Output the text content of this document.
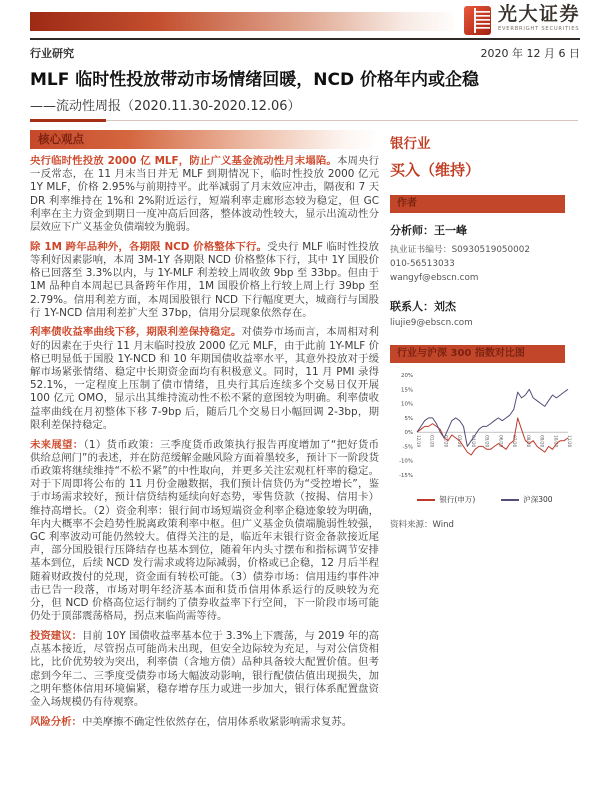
光大证券
EVERBRIGHT SECURITIES
行业研究	2020 年 12 月 6 日
MLF 临时性投放带动市场情绪回暖，NCD 价格年内或企稳
——流动性周报（2020.11.30-2020.12.06）
核心观点

央行临时性投放 2000 亿 MLF，防止广义基金流动性月末塌陷。本周央行一反常态，在 11 月末当日并无 MLF 到期情况下，临时性投放 2000 亿元 1Y MLF，价格 2.95%与前期持平。此举减弱了月末效应冲击，隔夜和 7 天 DR 利率维持在 1%和 2%附近运行，短端利率走廊形态较为稳定，但 GC 利率在主力资金到期日一度冲高后回落，整体波动性较大，显示出流动性分层效应下广义基金负债端较为脆弱。

除 1M 跨年品种外，各期限 NCD 价格整体下行。受央行 MLF 临时性投放等利好因素影响，本周 3M-1Y 各期限 NCD 价格整体下行，其中 1Y 国股价格已回落至 3.3%以内，与 1Y-MLF 利差较上周收敛 9bp 至 33bp。但由于 1M 品种自本周起已具备跨年作用，1M 国股价格上行较上周上行 39bp 至 2.79%。信用利差方面，本周国股银行 NCD 下行幅度更大，城商行与国股行 1Y-NCD 信用利差扩大至 37bp，信用分层现象依然存在。

利率债收益率曲线下移，期限利差保持稳定。对债券市场而言，本周相对利好的因素在于央行 11 月末临时投放 2000 亿元 MLF，由于此前 1Y-MLF 价格已明显低于国股 1Y-NCD 和 10 年期国债收益率水平，其意外投放对于缓解市场紧张情绪、稳定中长期资金面均有积极意义。同时，11 月 PMI 录得 52.1%，一定程度上压制了债市情绪，且央行其后连续多个交易日仅开展 100 亿元 OMO，显示出其维持流动性不松不紧的意图较为明确。利率债收益率曲线在月初整体下移 7-9bp 后，随后几个交易日小幅回调 2-3bp，期限利差保持稳定。

未来展望：（1）货币政策：三季度货币政策执行报告再度增加了“把好货币供给总闸门”的表述，并在防范缓解金融风险方面着墨较多，预计下一阶段货币政策将继续维持“不松不紧”的中性取向，并更多关注宏观杠杆率的稳定。对于下周即将公布的 11 月份金融数据，我们预计信贷仍为“受控增长”，鉴于市场需求较好，预计信贷结构延续向好态势，零售贷款（按揭、信用卡）维持高增长。（2）资金利率：银行间市场短端资金利率企稳迹象较为明确，年内大概率不会趋势性脱离政策利率中枢。但广义基金负债端脆弱性较强，GC 利率波动可能仍然较大。值得关注的是，临近年末银行资金备款接近尾声，部分国股银行压降结存也基本到位，随着年内头寸摆布和指标调节安排基本到位，后续 NCD 发行需求或将边际减弱，价格或已企稳，12 月后半程随着财政拨付的兑现，资金面有转松可能。（3）债券市场：信用违约事件冲击已告一段落，市场对明年经济基本面和货币信用体系运行的反映较为充分，但 NCD 价格高位运行制约了债券收益率下行空间，下一阶段市场可能仍处于顶部震荡格局，拐点来临尚需等待。

投资建议：目前 10Y 国债收益率基本位于 3.3%上下震荡，与 2019 年的高点基本接近，尽管拐点可能尚未出现，但安全边际较为充足，与对公信贷相比，比价优势较为突出，利率债（含地方债）品种具备较大配置价值。但考虑到今年二、三季度受债券市场大幅波动影响，银行配债估值出现损失，加之明年整体信用环境偏紧，稳存增存压力或进一步加大，银行体系配置盘资金入场规模仍有待观察。

风险分析：中美摩擦不确定性依然存在，信用体系收紧影响需求复苏。

银行业
买入（维持）
作者
分析师：王一峰
执业证书编号：S0930519050002
010-56513033
wangyf@ebscn.com
联系人：刘杰
liujie9@ebscn.com
行业与沪深 300 指数对比图
20%
15%
10%
5%
0%
-5%
-10%
-15%
12/19 01/20 02/20 03/20 04/20 05/20 06/20 07/20 08/20 09/20 10/20 11/20
银行(申万)	沪深300
资料来源：Wind
